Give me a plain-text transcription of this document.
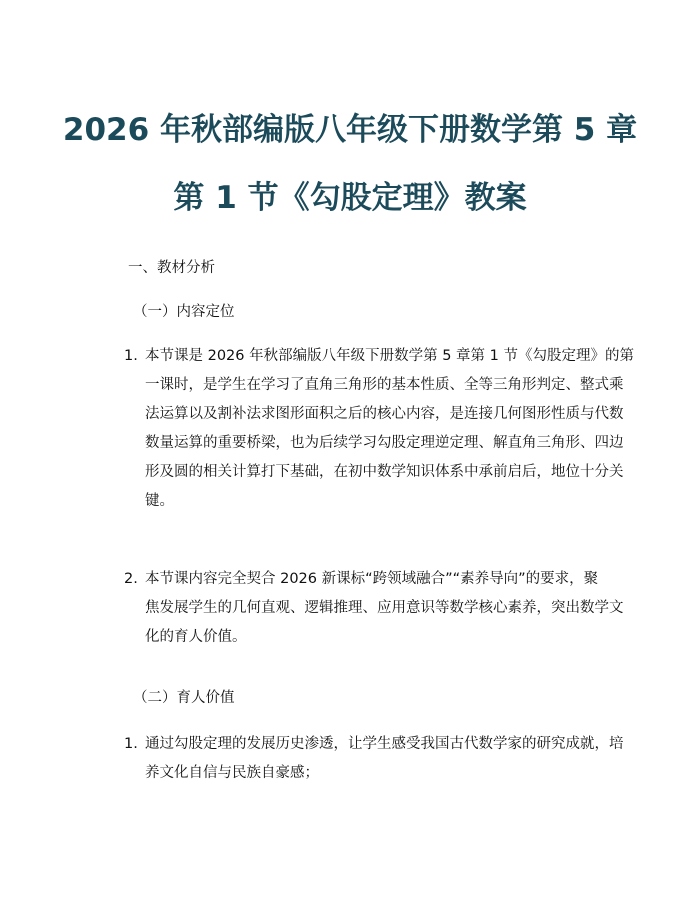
2026 年秋部编版八年级下册数学第 5 章
第 1 节《勾股定理》教案
一、教材分析
（一）内容定位
1. 本节课是 2026 年秋部编版八年级下册数学第 5 章第 1 节《勾股定理》的第
一课时，是学生在学习了直角三角形的基本性质、全等三角形判定、整式乘
法运算以及割补法求图形面积之后的核心内容，是连接几何图形性质与代数
数量运算的重要桥梁，也为后续学习勾股定理逆定理、解直角三角形、四边
形及圆的相关计算打下基础，在初中数学知识体系中承前启后，地位十分关
键。
2. 本节课内容完全契合 2026 新课标“跨领域融合”“素养导向”的要求，聚
焦发展学生的几何直观、逻辑推理、应用意识等数学核心素养，突出数学文
化的育人价值。
（二）育人价值
1. 通过勾股定理的发展历史渗透，让学生感受我国古代数学家的研究成就，培
养文化自信与民族自豪感；
